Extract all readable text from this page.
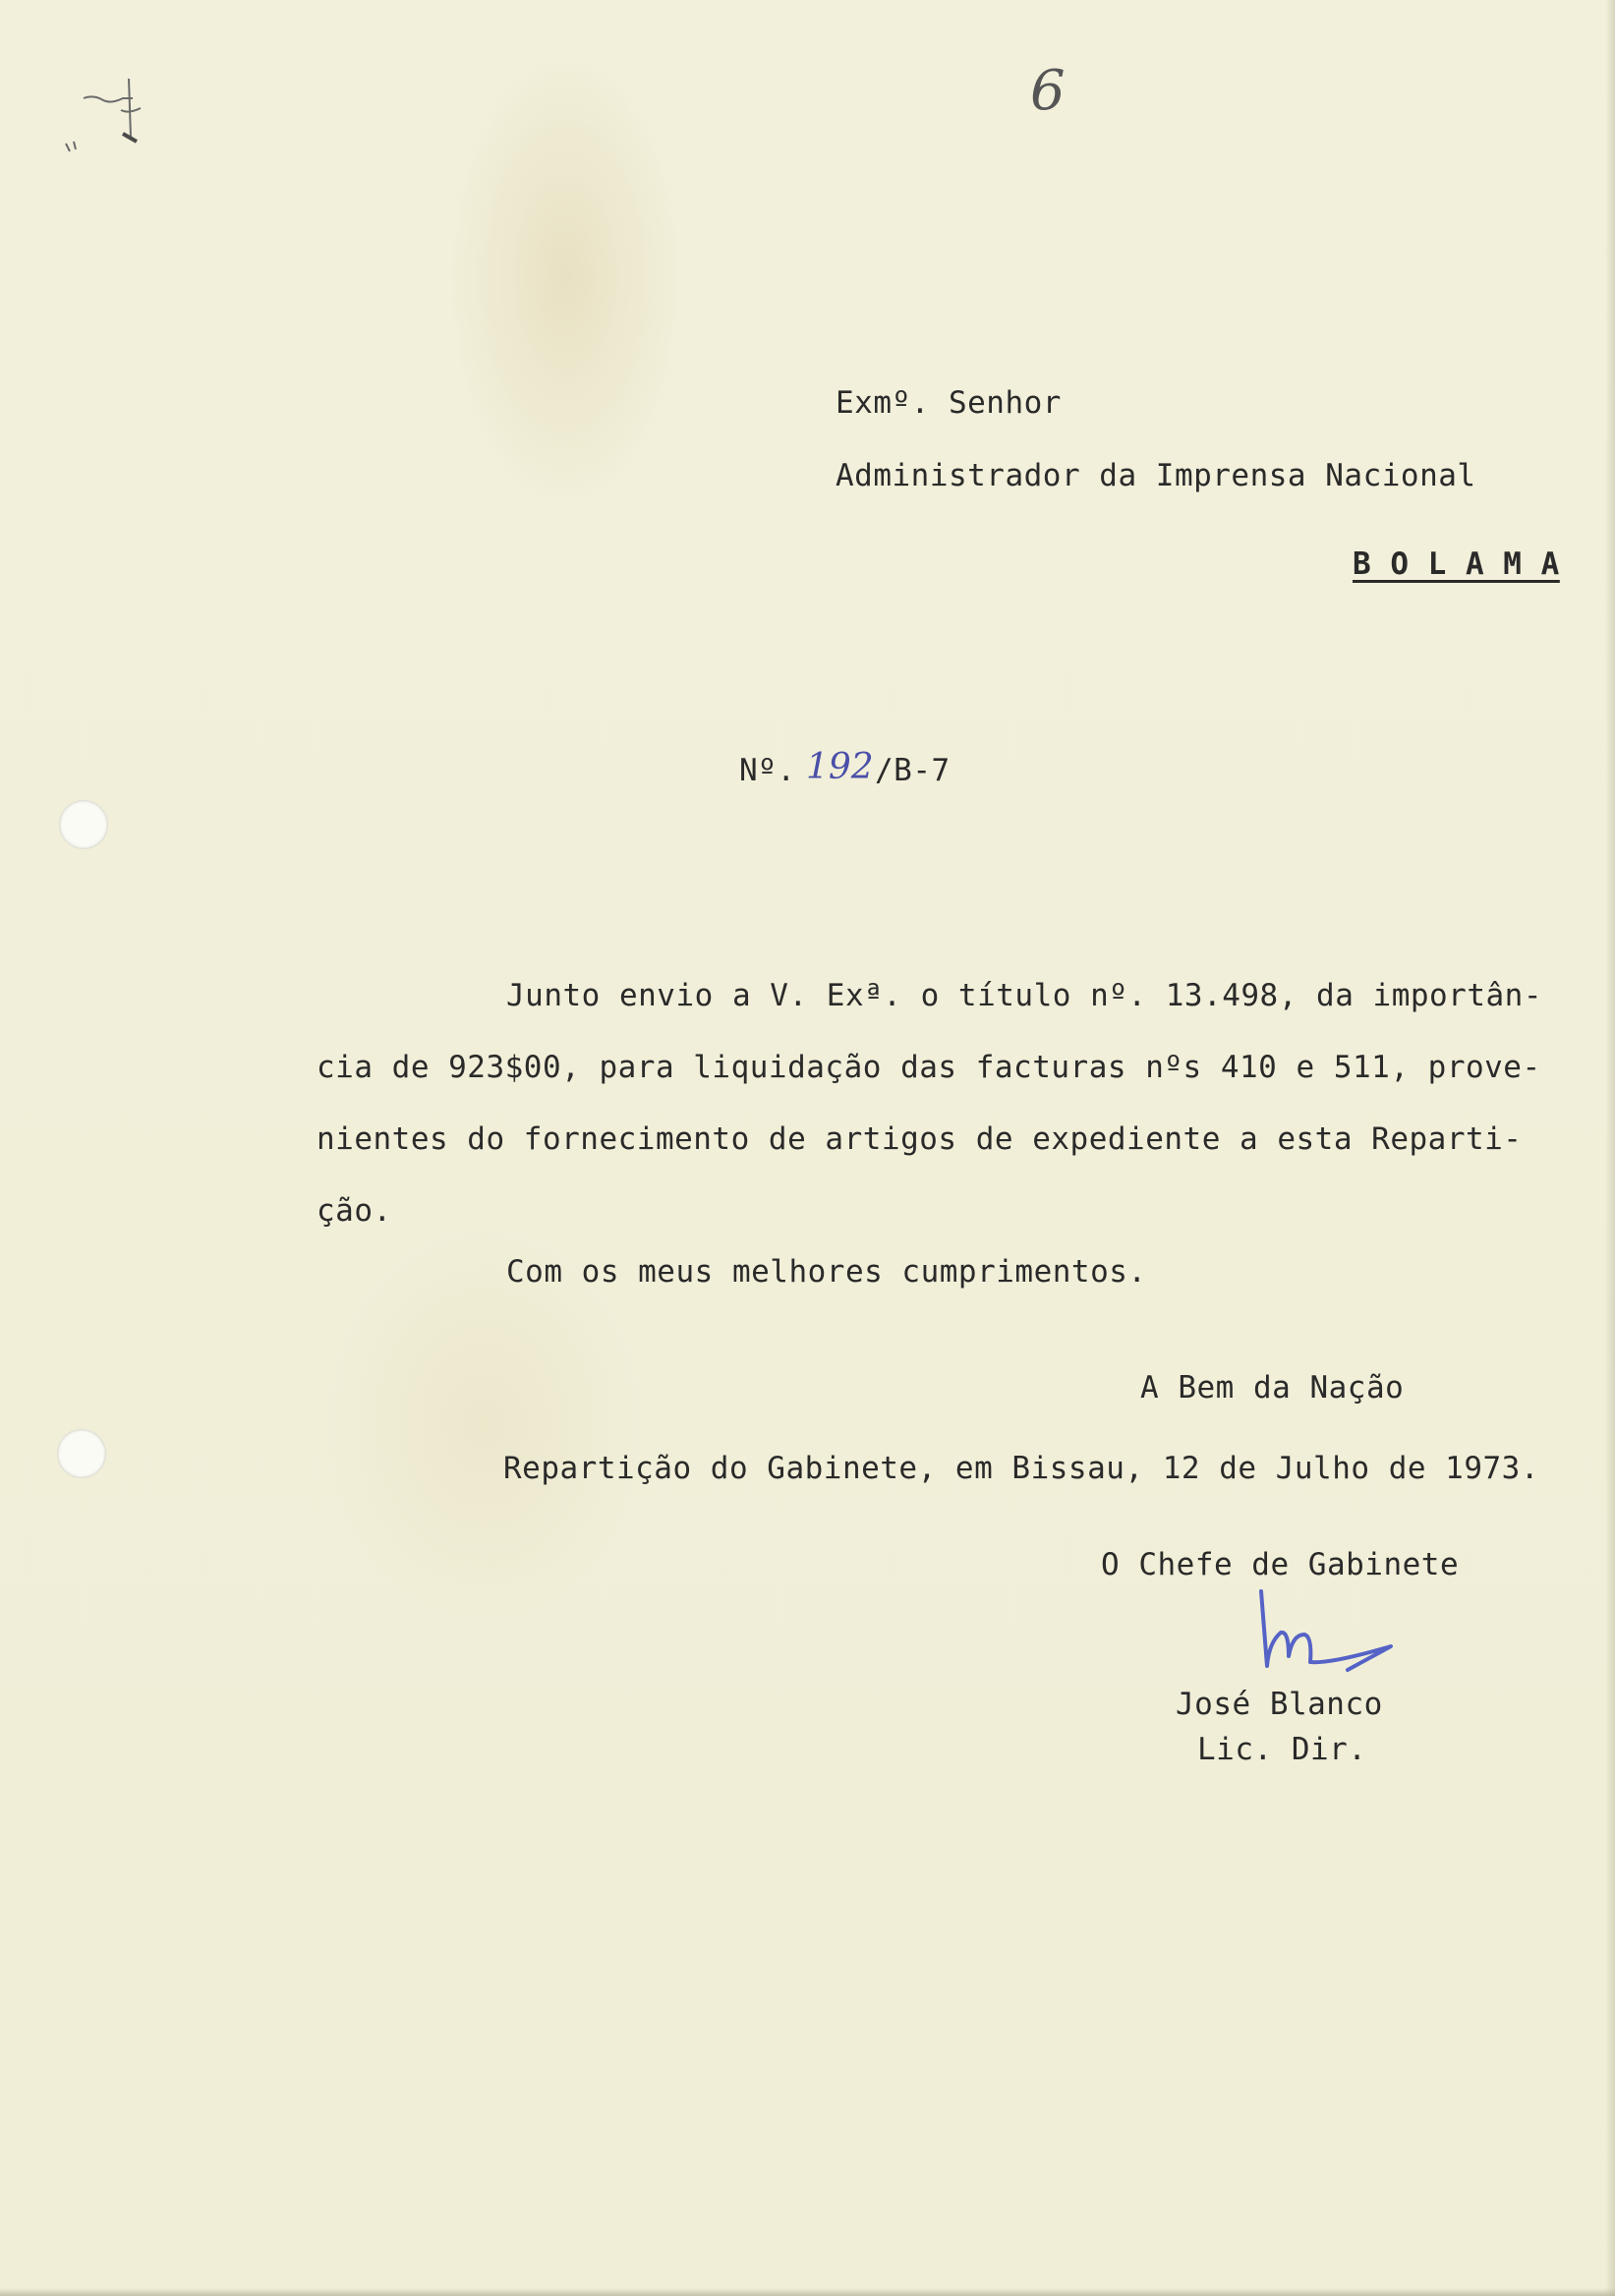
6
Exmº. Senhor
Administrador da Imprensa Nacional
B O L A M A
Nº. 192 /B-7
Junto envio a V. Exª. o título nº. 13.498, da importân-
cia de 923$00, para liquidação das facturas nºs 410 e 511, prove-
nientes do fornecimento de artigos de expediente a esta Reparti-
ção.
Com os meus melhores cumprimentos.
A Bem da Nação
Repartição do Gabinete, em Bissau, 12 de Julho de 1973.
O Chefe de Gabinete
José Blanco
Lic. Dir.
